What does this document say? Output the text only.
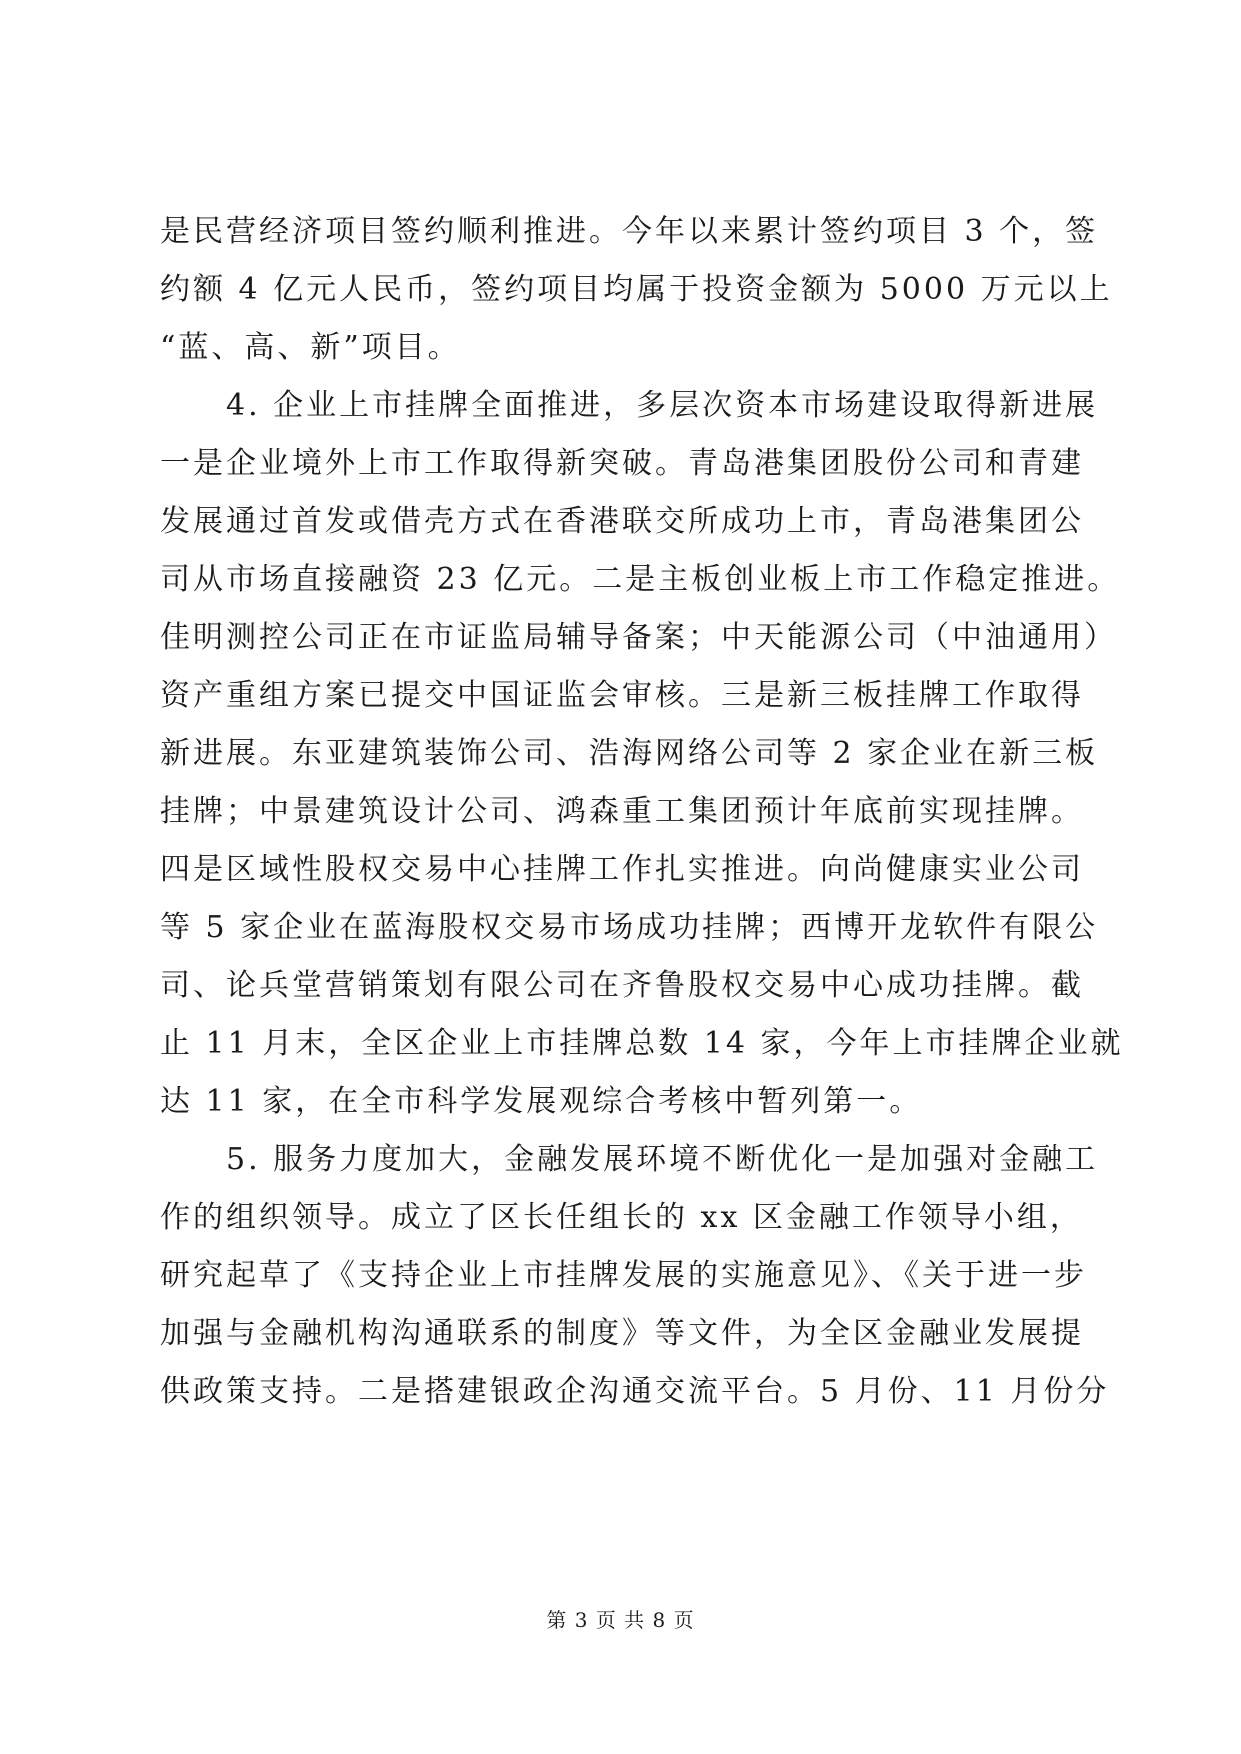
是民营经济项目签约顺利推进。今年以来累计签约项目 3 个，签
约额 4 亿元人民币，签约项目均属于投资金额为 5000 万元以上
“蓝、高、新”项目。
4. 企业上市挂牌全面推进，多层次资本市场建设取得新进展
一是企业境外上市工作取得新突破。青岛港集团股份公司和青建
发展通过首发或借壳方式在香港联交所成功上市，青岛港集团公
司从市场直接融资 23 亿元。二是主板创业板上市工作稳定推进。
佳明测控公司正在市证监局辅导备案；中天能源公司（中油通用）
资产重组方案已提交中国证监会审核。三是新三板挂牌工作取得
新进展。东亚建筑装饰公司、浩海网络公司等 2 家企业在新三板
挂牌；中景建筑设计公司、鸿森重工集团预计年底前实现挂牌。
四是区域性股权交易中心挂牌工作扎实推进。向尚健康实业公司
等 5 家企业在蓝海股权交易市场成功挂牌；西博开龙软件有限公
司、论兵堂营销策划有限公司在齐鲁股权交易中心成功挂牌。截
止 11 月末，全区企业上市挂牌总数 14 家，今年上市挂牌企业就
达 11 家，在全市科学发展观综合考核中暂列第一。
5. 服务力度加大，金融发展环境不断优化一是加强对金融工
作的组织领导。成立了区长任组长的 xx 区金融工作领导小组，
研究起草了《支持企业上市挂牌发展的实施意见》、《关于进一步
加强与金融机构沟通联系的制度》等文件，为全区金融业发展提
供政策支持。二是搭建银政企沟通交流平台。5 月份、11 月份分
第 3 页 共 8 页
